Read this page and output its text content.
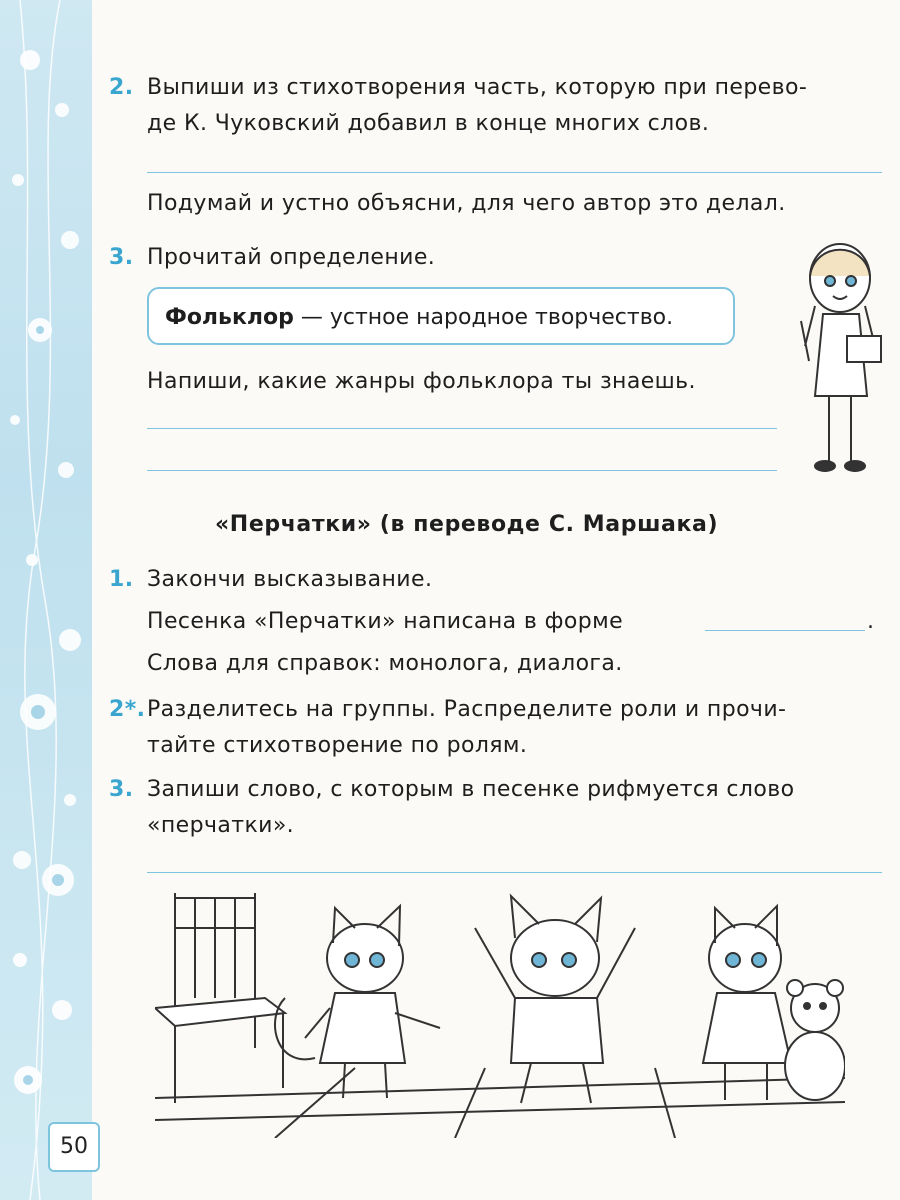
50
2. Выпиши из стихотворения часть, которую при перево-
де К. Чуковский добавил в конце многих слов.
Подумай и устно объясни, для чего автор это делал.
3. Прочитай определение.
Фольклор — устное народное творчество.
Напиши, какие жанры фольклора ты знаешь.
«Перчатки» (в переводе С. Маршака)
1. Закончи высказывание.
Песенка «Перчатки» написана в форме	.
Слова для справок: монолога, диалога.
2*. Разделитесь на группы. Распределите роли и прочи-
тайте стихотворение по ролям.
3. Запиши слово, с которым в песенке рифмуется слово
«перчатки».
